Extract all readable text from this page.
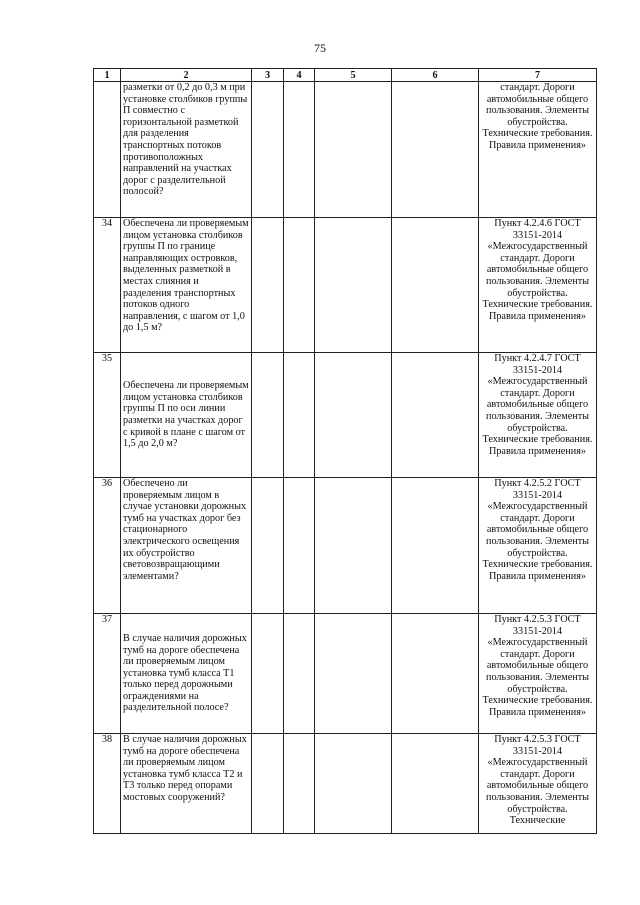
75
1	2	3	4	5	6	7
	разметки от 0,2 до 0,3 м при установке столбиков группы П совместно с горизонтальной разметкой для разделения транспортных потоков противоположных направлений на участках дорог с разделительной полосой?					стандарт. Дороги автомобильные общего пользования. Элементы обустройства. Технические требования. Правила применения»
34	Обеспечена ли проверяемым лицом установка столбиков группы П по границе направляющих островков, выделенных разметкой в местах слияния и разделения транспортных потоков одного направления, с шагом от 1,0 до 1,5 м?					Пункт 4.2.4.6 ГОСТ 33151-2014 «Межгосударственный стандарт. Дороги автомобильные общего пользования. Элементы обустройства. Технические требования. Правила применения»
35	Обеспечена ли проверяемым лицом установка столбиков группы П по оси линии разметки на участках дорог с кривой в плане с шагом от 1,5 до 2,0 м?					Пункт 4.2.4.7 ГОСТ 33151-2014 «Межгосударственный стандарт. Дороги автомобильные общего пользования. Элементы обустройства. Технические требования. Правила применения»
36	Обеспечено ли проверяемым лицом в случае установки дорожных тумб на участках дорог без стационарного электрического освещения их обустройство световозвращающими элементами?					Пункт 4.2.5.2 ГОСТ 33151-2014 «Межгосударственный стандарт. Дороги автомобильные общего пользования. Элементы обустройства. Технические требования. Правила применения»
37	В случае наличия дорожных тумб на дороге обеспечена ли проверяемым лицом установка тумб класса Т1 только перед дорожными ограждениями на разделительной полосе?					Пункт 4.2.5.3 ГОСТ 33151-2014 «Межгосударственный стандарт. Дороги автомобильные общего пользования. Элементы обустройства. Технические требования. Правила применения»
38	В случае наличия дорожных тумб на дороге обеспечена ли проверяемым лицом установка тумб класса Т2 и Т3 только перед опорами мостовых сооружений?					Пункт 4.2.5.3 ГОСТ 33151-2014 «Межгосударственный стандарт. Дороги автомобильные общего пользования. Элементы обустройства. Технические
